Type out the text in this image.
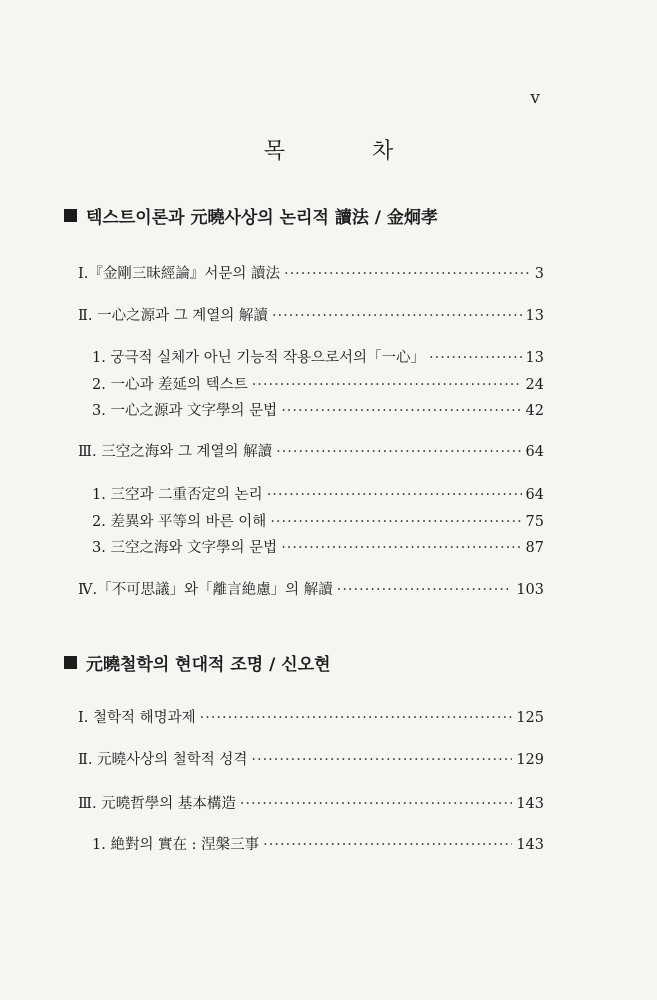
v
목 차
텍스트이론과 元曉사상의 논리적 讀法 / 金炯孝
Ⅰ.『金剛三昧經論』서문의 讀法 ·····	3
Ⅱ. 一心之源과 그 계열의 解讀 ·····	13
1. 궁극적 실체가 아닌 기능적 작용으로서의「一心」 ·····	13
2. 一心과 差延의 텍스트 ·····	24
3. 一心之源과 文字學의 문법 ·····	42
Ⅲ. 三空之海와 그 계열의 解讀 ·····	64
1. 三空과 二重否定의 논리 ·····	64
2. 差異와 平等의 바른 이해 ·····	75
3. 三空之海와 文字學의 문법 ·····	87
Ⅳ.「不可思議」와「離言絶慮」의 解讀 ·····	103
元曉철학의 현대적 조명 / 신오현
Ⅰ. 철학적 해명과제 ·····	125
Ⅱ. 元曉사상의 철학적 성격 ·····	129
Ⅲ. 元曉哲學의 基本構造 ·····	143
1. 絶對의 實在 : 涅槃三事 ·····	143
